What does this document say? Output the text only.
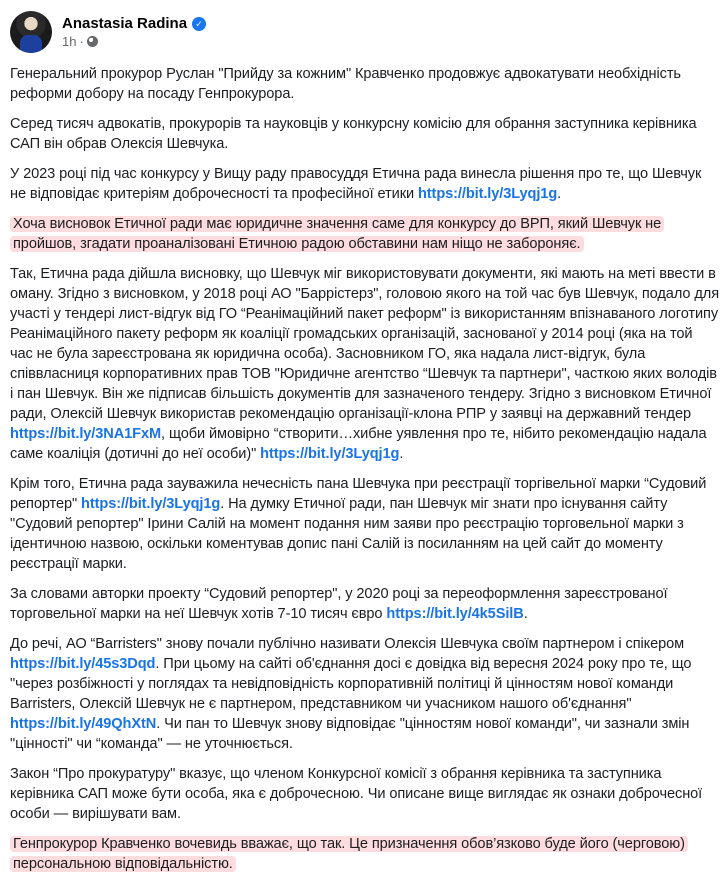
Anastasia Radina ✓
1h ·

Генеральний прокурор Руслан "Прийду за кожним" Кравченко продовжує адвокатувати необхідність реформи добору на посаду Генпрокурора.

Серед тисяч адвокатів, прокурорів та науковців у конкурсну комісію для обрання заступника керівника САП він обрав Олексія Шевчука.

У 2023 році під час конкурсу у Вищу раду правосуддя Етична рада винесла рішення про те, що Шевчук не відповідає критеріям доброчесності та професійної етики https://bit.ly/3Lyqj1g.

Хоча висновок Етичної ради має юридичне значення саме для конкурсу до ВРП, який Шевчук не пройшов, згадати проаналізовані Етичною радою обставини нам ніщо не забороняє.

Так, Етична рада дійшла висновку, що Шевчук міг використовувати документи, які мають на меті ввести в оману. Згідно з висновком, у 2018 році АО "Баррістерз", головою якого на той час був Шевчук, подало для участі у тендері лист-відгук від ГО “Реанімаційний пакет реформ" із використанням впізнаваного логотипу Реанімаційного пакету реформ як коаліції громадських організацій, заснованої у 2014 році (яка на той час не була зареєстрована як юридична особа). Засновником ГО, яка надала лист-відгук, була співвласниця корпоративних прав ТОВ "Юридичне агентство “Шевчук та партнери", часткою яких володів і пан Шевчук. Він же підписав більшість документів для зазначеного тендеру. Згідно з висновком Етичної ради, Олексій Шевчук використав рекомендацію організації-клона РПР у заявці на державний тендер https://bit.ly/3NA1FxM, щоби ймовірно “створити…хибне уявлення про те, нібито рекомендацію надала саме коаліція (дотичні до неї особи)" https://bit.ly/3Lyqj1g.

Крім того, Етична рада зауважила нечесність пана Шевчука при реєстрації торгівельної марки “Судовий репортер" https://bit.ly/3Lyqj1g. На думку Етичної ради, пан Шевчук міг знати про існування сайту "Судовий репортер" Ірини Салій на момент подання ним заяви про реєстрацію торговельної марки з ідентичною назвою, оскільки коментував допис пані Салій із посиланням на цей сайт до моменту реєстрації марки.

За словами авторки проекту “Судовий репортер", у 2020 році за переоформлення зареєстрованої торговельної марки на неї Шевчук хотів 7-10 тисяч євро https://bit.ly/4k5SilB.

До речі, АО “Barristers" знову почали публічно називати Олексія Шевчука своїм партнером і спікером https://bit.ly/45s3Dqd. При цьому на сайті об'єднання досі є довідка від вересня 2024 року про те, що "через розбіжності у поглядах та невідповідність корпоративній політиці й цінностям нової команди Barristers, Олексій Шевчук не є партнером, представником чи учасником нашого об'єднання" https://bit.ly/49QhXtN. Чи пан то Шевчук знову відповідає "цінностям нової команди", чи зазнали змін "цінності" чи “команда" — не уточнюється.

Закон “Про прокуратуру" вказує, що членом Конкурсної комісії з обрання керівника та заступника керівника САП може бути особа, яка є доброчесною. Чи описане вище виглядає як ознаки доброчесної особи — вирішувати вам.

Генпрокурор Кравченко вочевидь вважає, що так. Це призначення обов’язково буде його (черговою) персональною відповідальністю.
